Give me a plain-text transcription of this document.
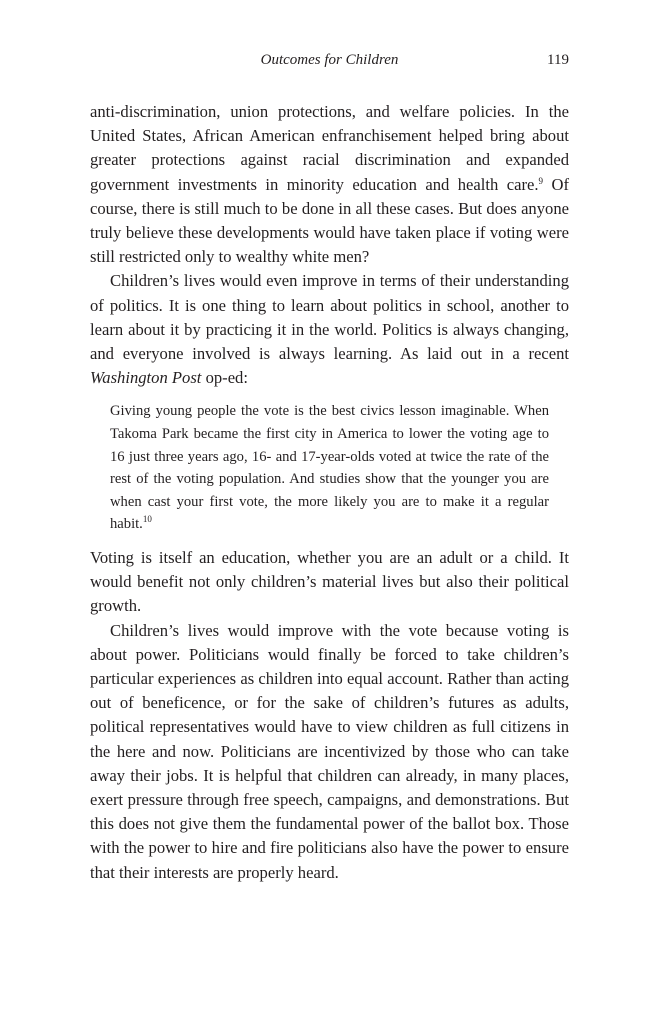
Outcomes for Children	119

anti-discrimination, union protections, and welfare policies. In the United States, African American enfranchisement helped bring about greater protections against racial discrimination and expanded government investments in minority education and health care.$^9$ Of course, there is still much to be done in all these cases. But does anyone truly believe these developments would have taken place if voting were still restricted only to wealthy white men?

Children’s lives would even improve in terms of their understanding of politics. It is one thing to learn about politics in school, another to learn about it by practicing it in the world. Politics is always changing, and everyone involved is always learning. As laid out in a recent Washington Post op-ed:

Giving young people the vote is the best civics lesson imaginable. When Takoma Park became the first city in America to lower the voting age to 16 just three years ago, 16- and 17-year-olds voted at twice the rate of the rest of the voting population. And studies show that the younger you are when cast your first vote, the more likely you are to make it a regular habit.$^{10}$

Voting is itself an education, whether you are an adult or a child. It would benefit not only children’s material lives but also their political growth.

Children’s lives would improve with the vote because voting is about power. Politicians would finally be forced to take children’s particular experiences as children into equal account. Rather than acting out of beneficence, or for the sake of children’s futures as adults, political representatives would have to view children as full citizens in the here and now. Politicians are incentivized by those who can take away their jobs. It is helpful that children can already, in many places, exert pressure through free speech, campaigns, and demonstrations. But this does not give them the fundamental power of the ballot box. Those with the power to hire and fire politicians also have the power to ensure that their interests are properly heard.
